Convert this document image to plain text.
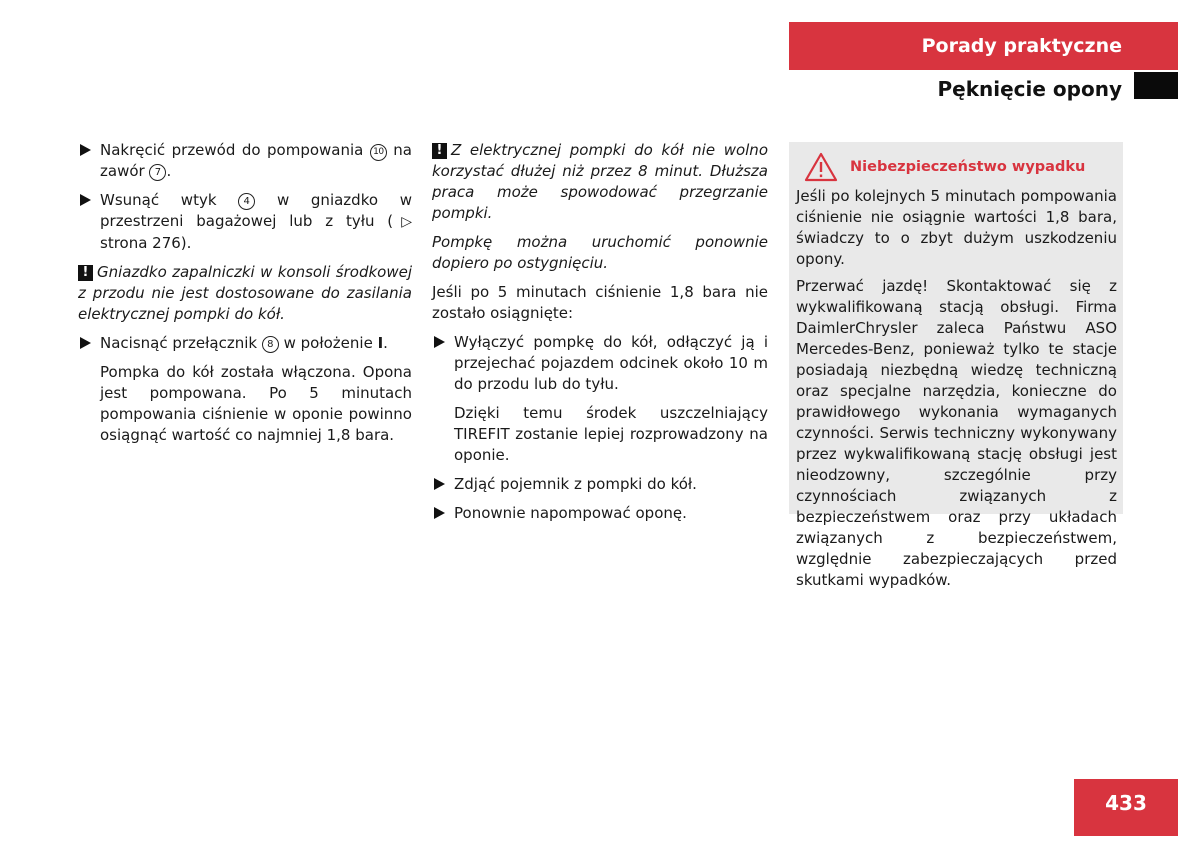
Porady praktyczne
Pęknięcie opony

Nakręcić przewód do pompowania 10 na zawór 7 .

Wsunąć wtyk 4 w gniazdko w przestrzeni bagażowej lub z tyłu (▷ strona 276).

! Gniazdko zapalniczki w konsoli środkowej z przodu nie jest dostosowane do zasilania elektrycznej pompki do kół.

Nacisnąć przełącznik 8 w położenie I.

Pompka do kół została włączona. Opona jest pompowana. Po 5 minutach pompowania ciśnienie w oponie powinno osiągnąć wartość co najmniej 1,8 bara.

! Z elektrycznej pompki do kół nie wolno korzystać dłużej niż przez 8 minut. Dłuższa praca może spowodować przegrzanie pompki.

Pompkę można uruchomić ponownie dopiero po ostygnięciu.

Jeśli po 5 minutach ciśnienie 1,8 bara nie zostało osiągnięte:

Wyłączyć pompkę do kół, odłączyć ją i przejechać pojazdem odcinek około 10 m do przodu lub do tyłu.

Dzięki temu środek uszczelniający TIREFIT zostanie lepiej rozprowadzony na oponie.

Zdjąć pojemnik z pompki do kół.

Ponownie napompować oponę.

Niebezpieczeństwo wypadku

Jeśli po kolejnych 5 minutach pompowania ciśnienie nie osiągnie wartości 1,8 bara, świadczy to o zbyt dużym uszkodzeniu opony.

Przerwać jazdę! Skontaktować się z wykwalifikowaną stacją obsługi. Firma DaimlerChrysler zaleca Państwu ASO Mercedes-Benz, ponieważ tylko te stacje posiadają niezbędną wiedzę techniczną oraz specjalne narzędzia, konieczne do prawidłowego wykonania wymaganych czynności. Serwis techniczny wykonywany przez wykwalifikowaną stację obsługi jest nieodzowny, szczególnie przy czynnościach związanych z bezpieczeństwem oraz przy układach związanych z bezpieczeństwem, względnie zabezpieczających przed skutkami wypadków.

433
